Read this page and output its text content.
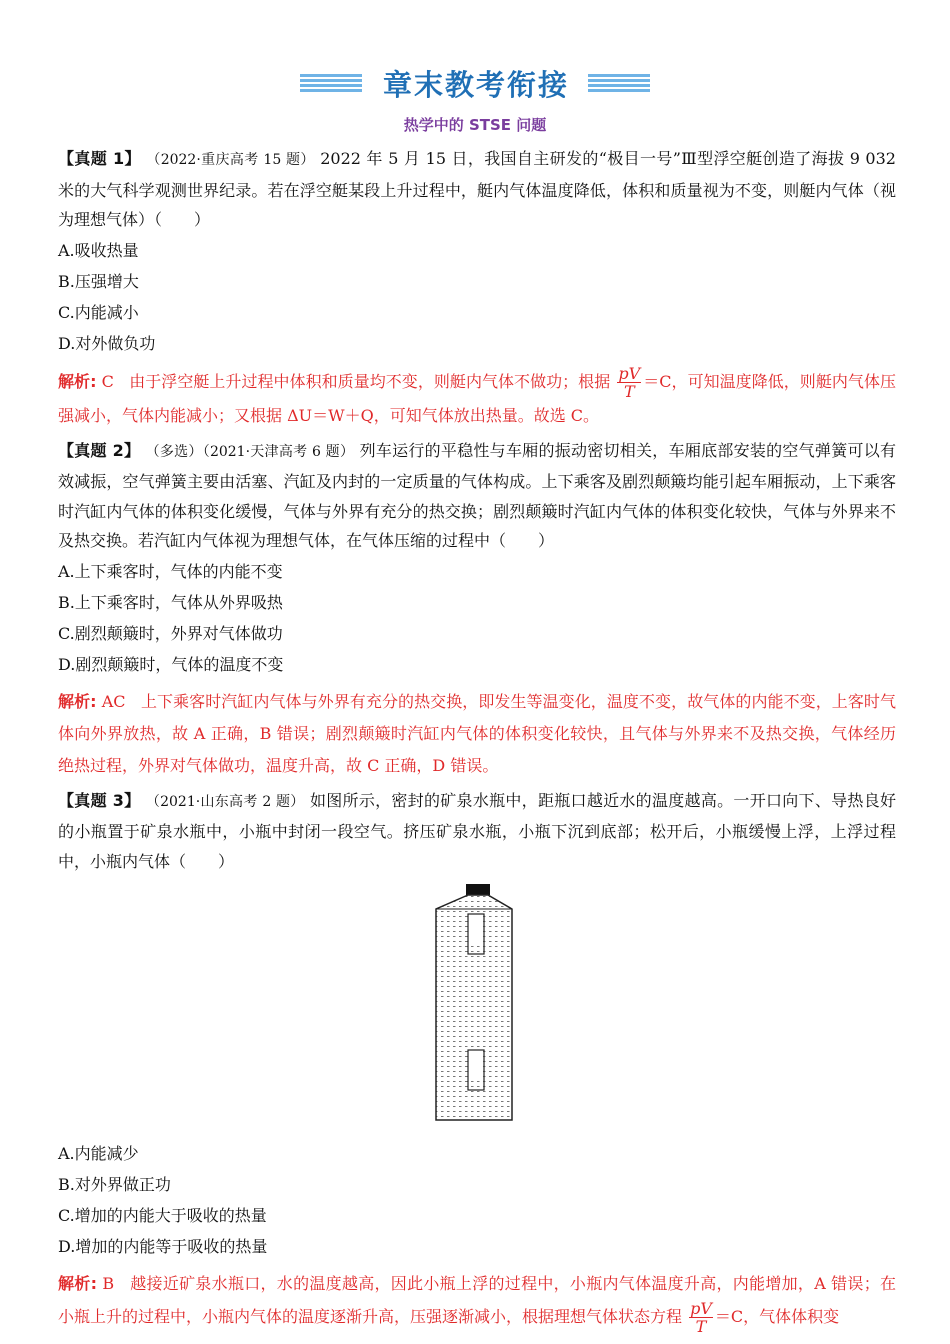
章末教考衔接
热学中的 STSE 问题

【真题 1】 （2022·重庆高考 15 题） 2022 年 5 月 15 日，我国自主研发的“极目一号”Ⅲ型浮空艇创造了海拔 9 032 米的大气科学观测世界纪录。若在浮空艇某段上升过程中，艇内气体温度降低，体积和质量视为不变，则艇内气体（视为理想气体）（　　）

A.吸收热量
B.压强增大
C.内能减小
D.对外做负功

解析: C 由于浮空艇上升过程中体积和质量均不变，则艇内气体不做功；根据 $\frac{pV}{T} =C$，可知温度降低，则艇内气体压强减小，气体内能减小；又根据 ΔU＝W＋Q，可知气体放出热量。故选 C。

【真题 2】 （多选）（2021·天津高考 6 题） 列车运行的平稳性与车厢的振动密切相关，车厢底部安装的空气弹簧可以有效减振，空气弹簧主要由活塞、汽缸及内封的一定质量的气体构成。上下乘客及剧烈颠簸均能引起车厢振动，上下乘客时汽缸内气体的体积变化缓慢，气体与外界有充分的热交换；剧烈颠簸时汽缸内气体的体积变化较快，气体与外界来不及热交换。若汽缸内气体视为理想气体，在气体压缩的过程中（　　）

A.上下乘客时，气体的内能不变
B.上下乘客时，气体从外界吸热
C.剧烈颠簸时，外界对气体做功
D.剧烈颠簸时，气体的温度不变

解析: AC 上下乘客时汽缸内气体与外界有充分的热交换，即发生等温变化，温度不变，故气体的内能不变，上客时气体向外界放热，故 A 正确，B 错误；剧烈颠簸时汽缸内气体的体积变化较快，且气体与外界来不及热交换，气体经历绝热过程，外界对气体做功，温度升高，故 C 正确，D 错误。

【真题 3】 （2021·山东高考 2 题） 如图所示，密封的矿泉水瓶中，距瓶口越近水的温度越高。一开口向下、导热良好的小瓶置于矿泉水瓶中，小瓶中封闭一段空气。挤压矿泉水瓶，小瓶下沉到底部；松开后，小瓶缓慢上浮，上浮过程中，小瓶内气体（　　）

A.内能减少
B.对外界做正功
C.增加的内能大于吸收的热量
D.增加的内能等于吸收的热量

解析: B 越接近矿泉水瓶口，水的温度越高，因此小瓶上浮的过程中，小瓶内气体温度升高，内能增加，A 错误；在小瓶上升的过程中，小瓶内气体的温度逐渐升高，压强逐渐减小，根据理想气体状态方程 $\frac{pV}{T} =C$，气体体积变
